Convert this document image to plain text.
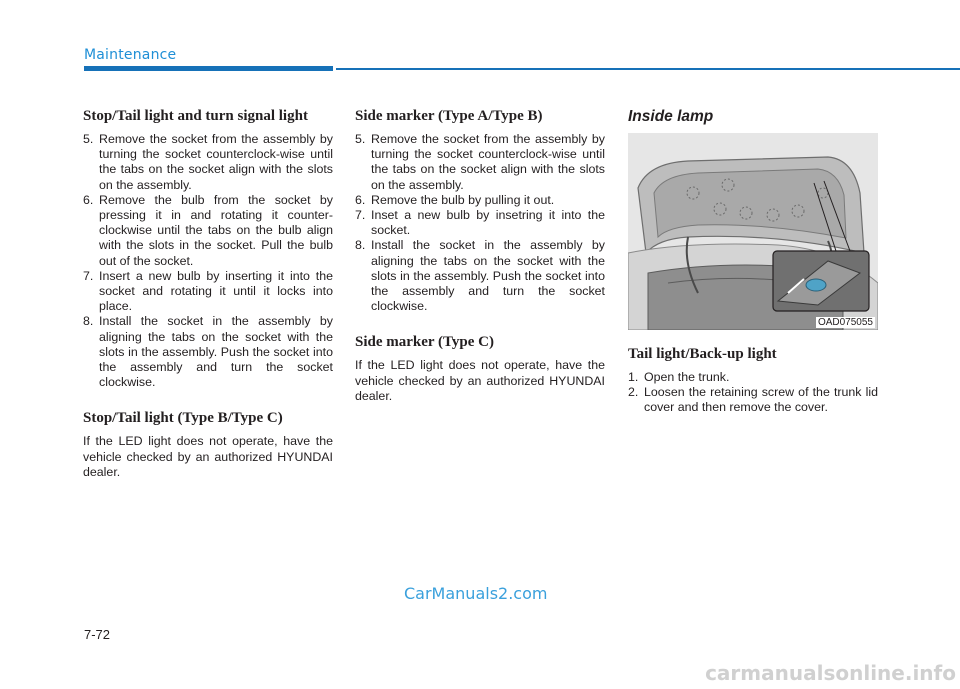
Maintenance
Stop/Tail light and turn signal light
5. Remove the socket from the assembly by turning the socket counterclock-wise until the tabs on the socket align with the slots on the assembly.
6. Remove the bulb from the socket by pressing it in and rotating it counter-clockwise until the tabs on the bulb align with the slots in the socket. Pull the bulb out of the socket.
7. Insert a new bulb by inserting it into the socket and rotating it until it locks into place.
8. Install the socket in the assembly by aligning the tabs on the socket with the slots in the assembly. Push the socket into the assembly and turn the socket clockwise.
Stop/Tail light (Type B/Type C)

If the LED light does not operate, have the vehicle checked by an authorized HYUNDAI dealer.

Side marker (Type A/Type B)
5. Remove the socket from the assembly by turning the socket counterclock-wise until the tabs on the socket align with the slots on the assembly.
6. Remove the bulb by pulling it out.
7. Inset a new bulb by insetring it into the socket.
8. Install the socket in the assembly by aligning the tabs on the socket with the slots in the assembly. Push the socket into the assembly and turn the socket clockwise.
Side marker (Type C)

If the LED light does not operate, have the vehicle checked by an authorized HYUNDAI dealer.

Inside lamp
OAD075055
Tail light/Back-up light
1. Open the trunk.
2. Loosen the retaining screw of the trunk lid cover and then remove the cover.
7-72
CarManuals2.com
carmanualsonline.info
